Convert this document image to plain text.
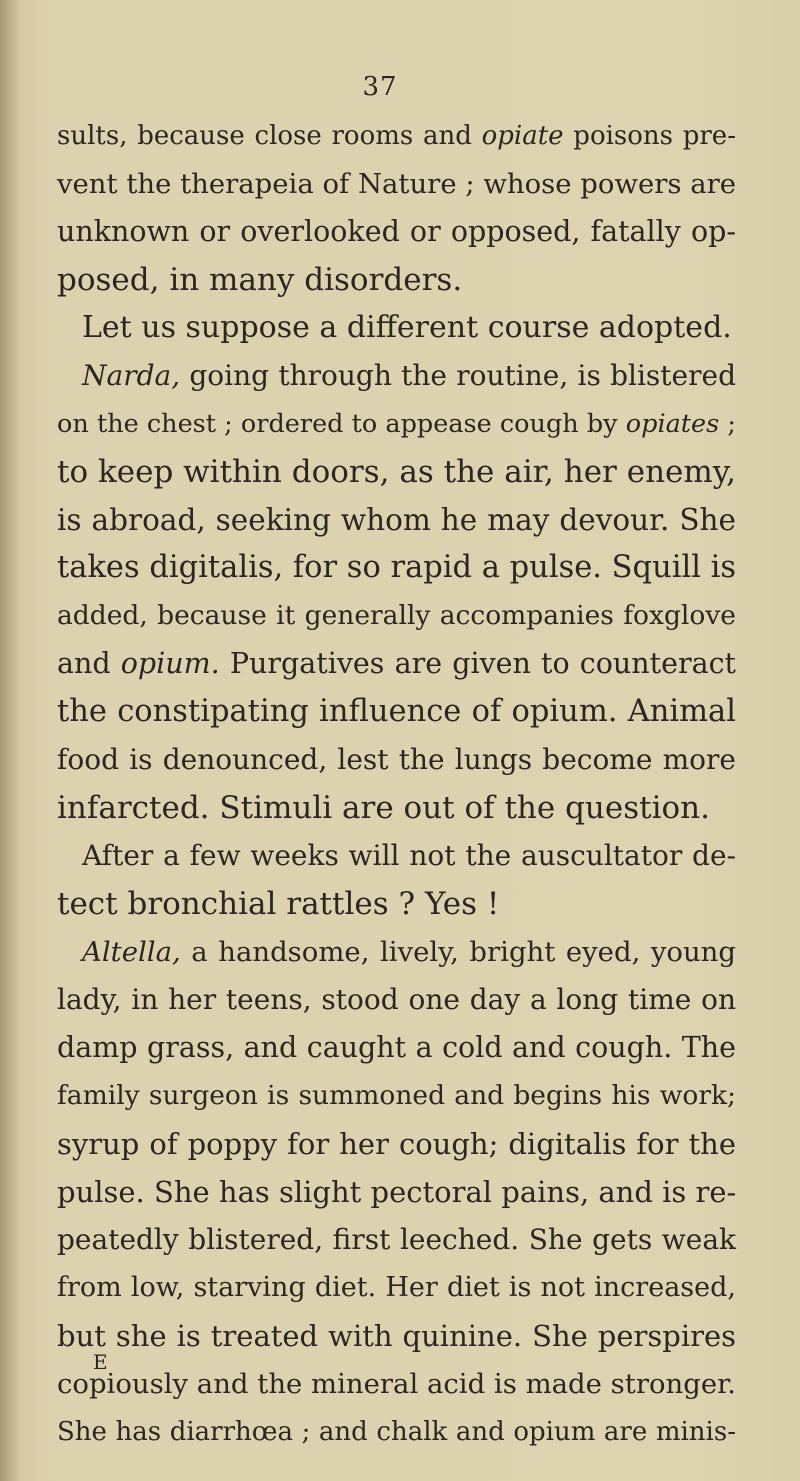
37
sults, because close rooms and opiate poisons pre-
vent the therapeia of Nature ; whose powers are
unknown or overlooked or opposed, fatally op-
posed, in many disorders.
Let us suppose a different course adopted.
Narda, going through the routine, is blistered
on the chest ; ordered to appease cough by opiates ;
to keep within doors, as the air, her enemy,
is abroad, seeking whom he may devour. She
takes digitalis, for so rapid a pulse. Squill is
added, because it generally accompanies foxglove
and opium. Purgatives are given to counteract
the constipating influence of opium. Animal
food is denounced, lest the lungs become more
infarcted. Stimuli are out of the question.
After a few weeks will not the auscultator de-
tect bronchial rattles ? Yes !
Altella, a handsome, lively, bright eyed, young
lady, in her teens, stood one day a long time on
damp grass, and caught a cold and cough. The
family surgeon is summoned and begins his work;
syrup of poppy for her cough; digitalis for the
pulse. She has slight pectoral pains, and is re-
peatedly blistered, first leeched. She gets weak
from low, starving diet. Her diet is not increased,
but she is treated with quinine. She perspires
copiously and the mineral acid is made stronger.
She has diarrhœa ; and chalk and opium are minis-
E
